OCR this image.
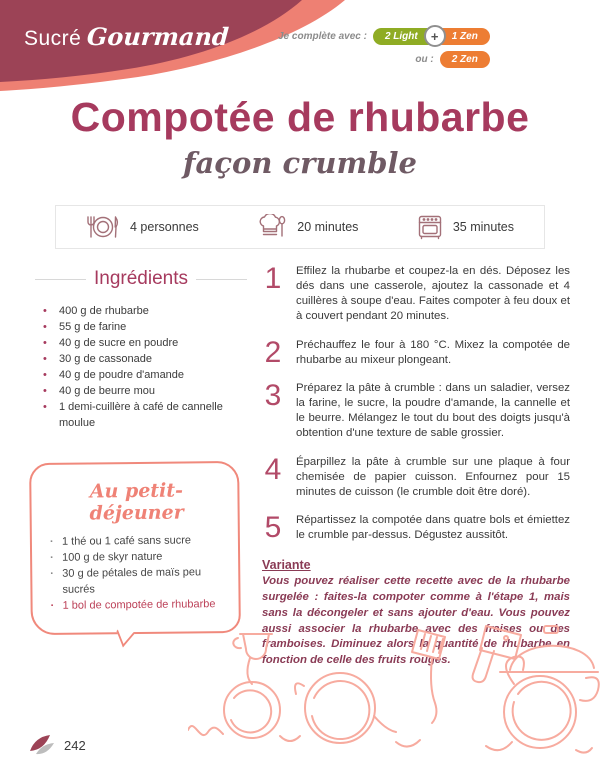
Sucré Gourmand	Je complète avec :	2 Light	+	1 Zen
ou :	2 Zen
Compotée de rhubarbe
façon crumble
4 personnes	20 minutes	35 minutes
Ingrédients
• 400 g de rhubarbe
• 55 g de farine
• 40 g de sucre en poudre
• 30 g de cassonade
• 40 g de poudre d'amande
• 40 g de beurre mou
• 1 demi-cuillère à café de cannelle moulue
Au petit-déjeuner
· 1 thé ou 1 café sans sucre
· 100 g de skyr nature
· 30 g de pétales de maïs peu sucrés
· 1 bol de compotée de rhubarbe
1 Effilez la rhubarbe et coupez-la en dés. Déposez les dés dans une casserole, ajoutez la cassonade et 4 cuillères à soupe d'eau. Faites compoter à feu doux et à couvert pendant 20 minutes.

2 Préchauffez le four à 180 °C. Mixez la compotée de rhubarbe au mixeur plongeant.

3 Préparez la pâte à crumble : dans un saladier, versez la farine, le sucre, la poudre d'amande, la cannelle et le beurre. Mélangez le tout du bout des doigts jusqu'à obtention d'une texture de sable grossier.

4 Éparpillez la pâte à crumble sur une plaque à four chemisée de papier cuisson. Enfournez pour 15 minutes de cuisson (le crumble doit être doré).

5 Répartissez la compotée dans quatre bols et émiettez le crumble par-dessus. Dégustez aussitôt.

Variante

Vous pouvez réaliser cette recette avec de la rhubarbe surgelée : faites-la compoter comme à l'étape 1, mais sans la décongeler et sans ajouter d'eau. Vous pouvez aussi associer la rhubarbe avec des fraises ou des framboises. Diminuez alors la quantité de rhubarbe en fonction de celle des fruits rouges.

242
